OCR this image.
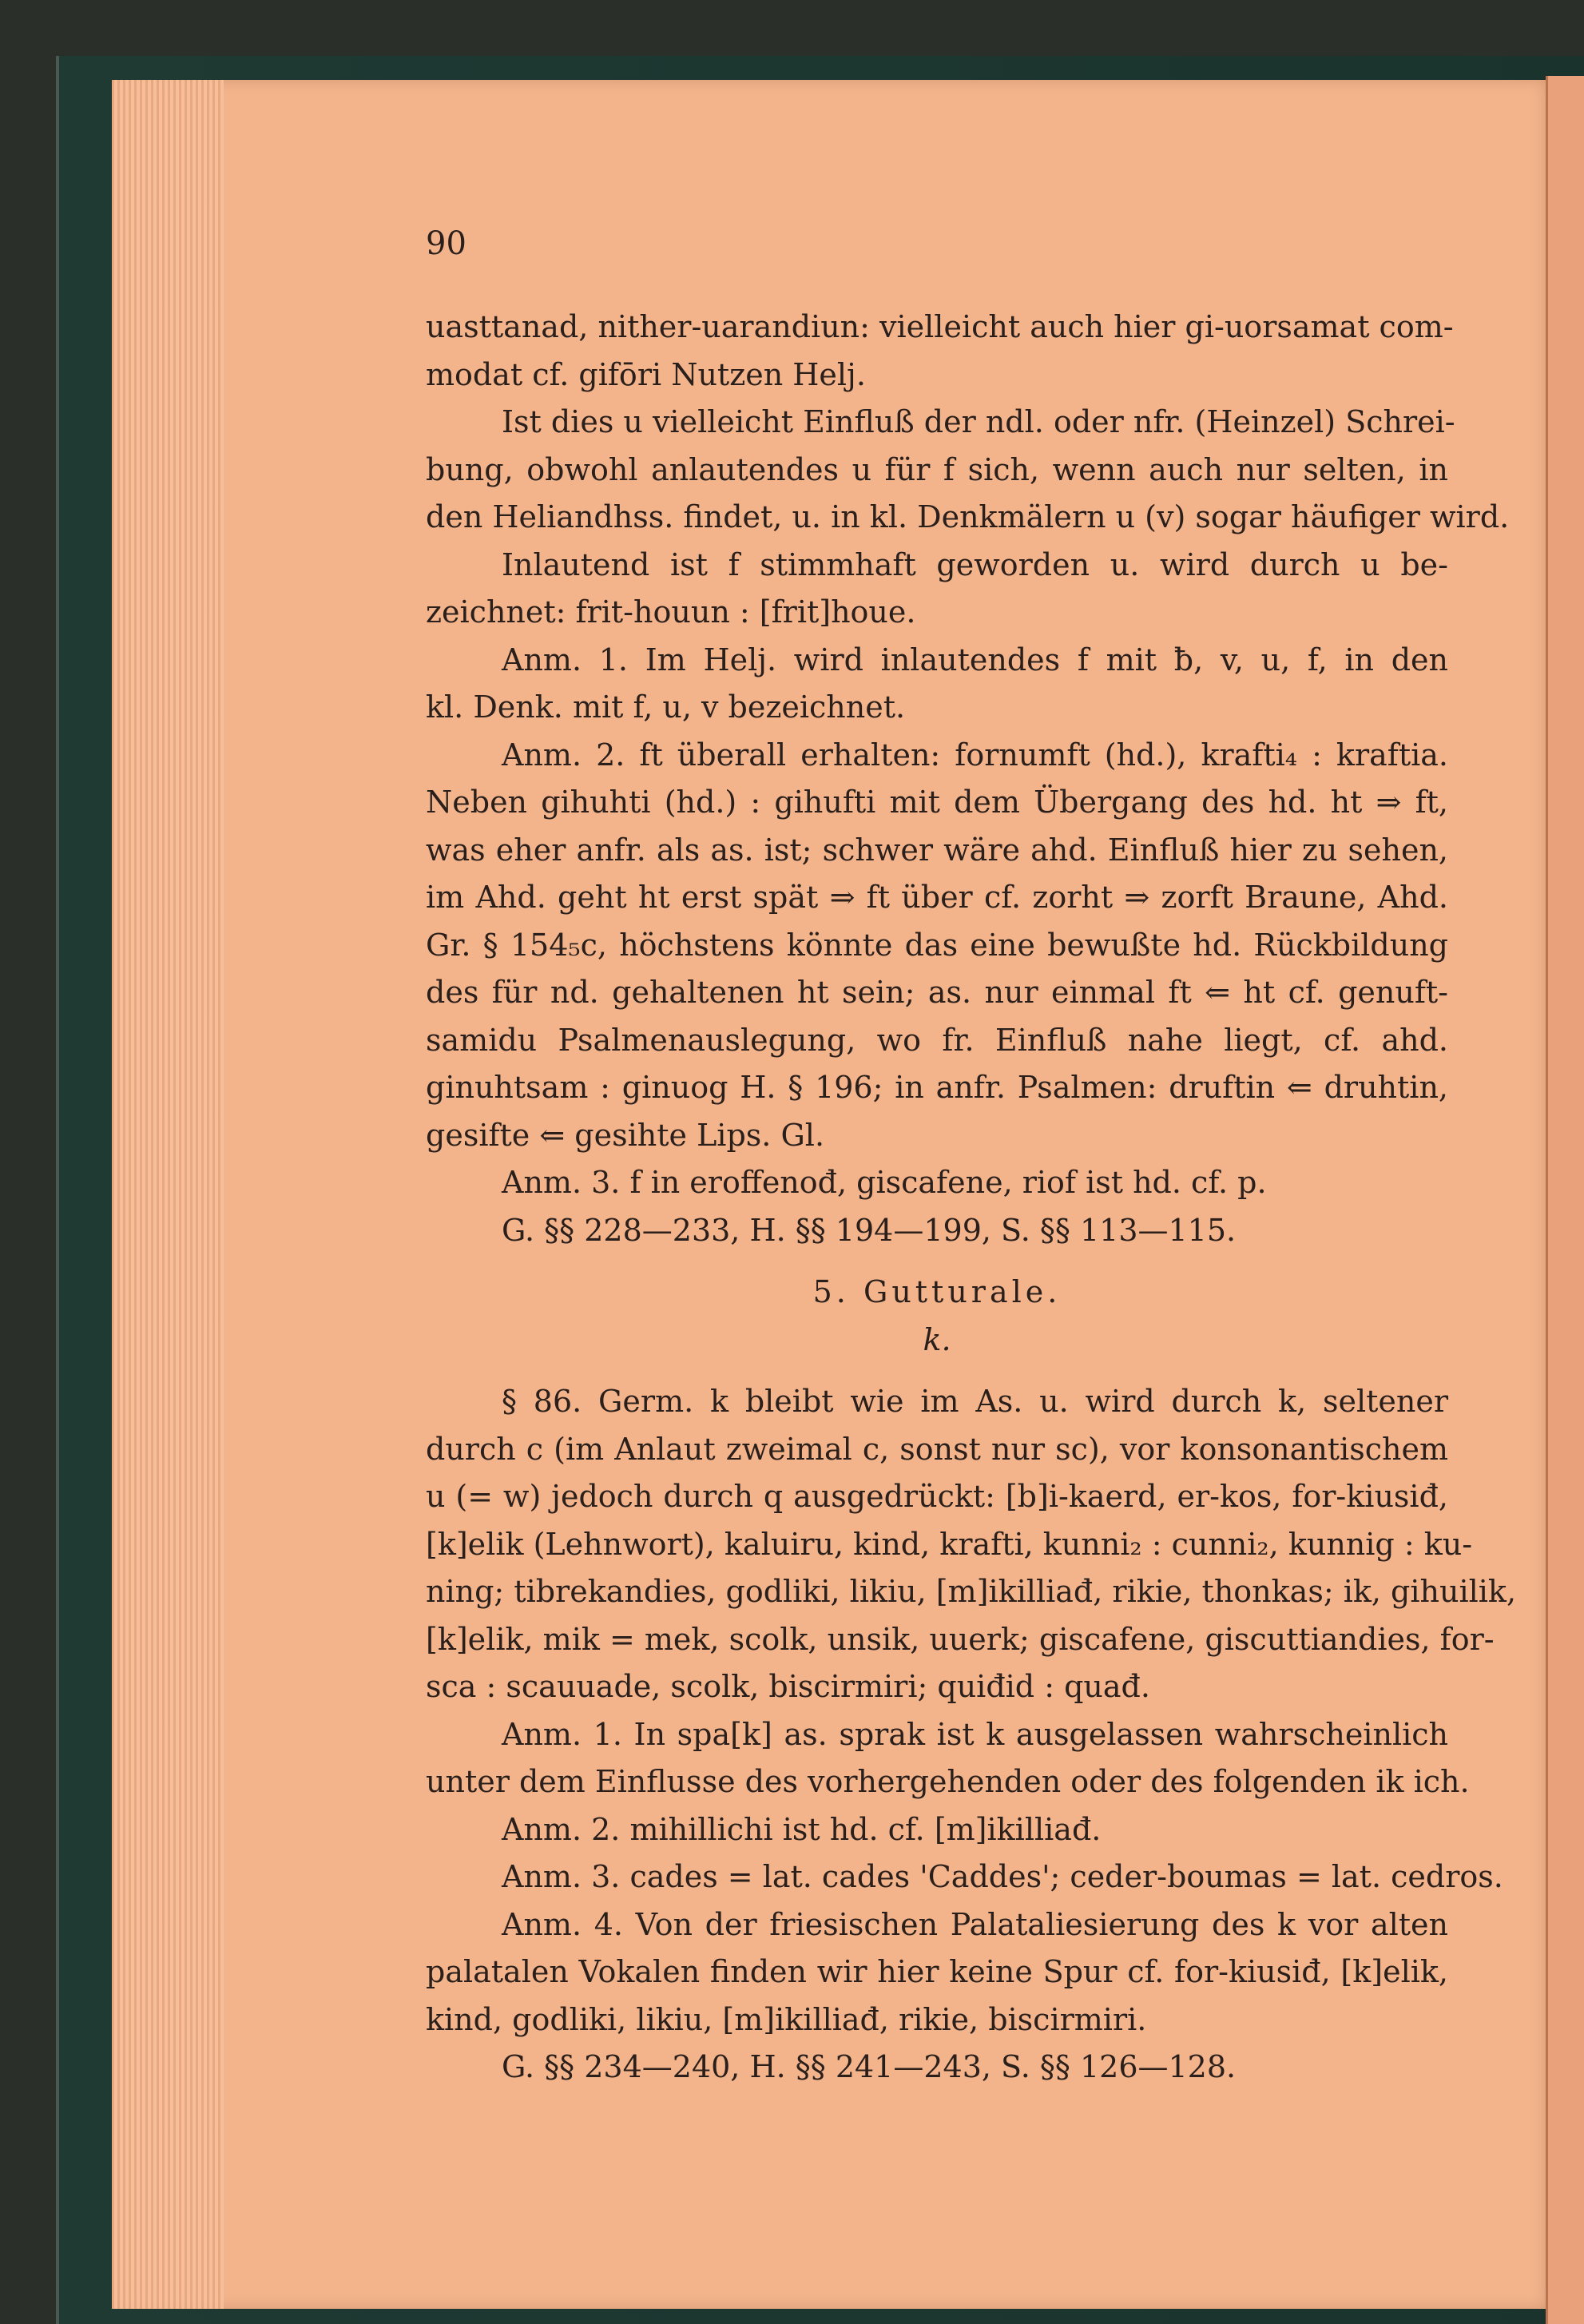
90
uasttanad, nither-uarandiun: vielleicht auch hier gi-uorsamat com-
modat cf. gifōri Nutzen Helj.
Ist dies u vielleicht Einfluß der ndl. oder nfr. (Heinzel) Schrei-
bung, obwohl anlautendes u für f sich, wenn auch nur selten, in
den Heliandhss. findet, u. in kl. Denkmälern u (v) sogar häufiger wird.
Inlautend ist f stimmhaft geworden u. wird durch u be-
zeichnet: frit-houun : [frit]houe.
Anm. 1. Im Helj. wird inlautendes f mit ƀ, v, u, f, in den
kl. Denk. mit f, u, v bezeichnet.
Anm. 2. ft überall erhalten: fornumft (hd.), krafti₄ : kraftia.
Neben gihuhti (hd.) : gihufti mit dem Übergang des hd. ht ⇒ ft,
was eher anfr. als as. ist; schwer wäre ahd. Einfluß hier zu sehen,
im Ahd. geht ht erst spät ⇒ ft über cf. zorht ⇒ zorft Braune, Ahd.
Gr. § 154₅c, höchstens könnte das eine bewußte hd. Rückbildung
des für nd. gehaltenen ht sein; as. nur einmal ft ⇐ ht cf. genuft-
samidu Psalmenauslegung, wo fr. Einfluß nahe liegt, cf. ahd.
ginuhtsam : ginuog H. § 196; in anfr. Psalmen: druftin ⇐ druhtin,
gesifte ⇐ gesihte Lips. Gl.
Anm. 3. f in eroffenođ, giscafene, riof ist hd. cf. p.
G. §§ 228—233, H. §§ 194—199, S. §§ 113—115.
5. Gutturale.
k.
§ 86. Germ. k bleibt wie im As. u. wird durch k, seltener
durch c (im Anlaut zweimal c, sonst nur sc), vor konsonantischem
u (= w) jedoch durch q ausgedrückt: [b]i-kaerd, er-kos, for-kiusiđ,
[k]elik (Lehnwort), kaluiru, kind, krafti, kunni₂ : cunni₂, kunnig : ku-
ning; tibrekandies, godliki, likiu, [m]ikilliađ, rikie, thonkas; ik, gihuilik,
[k]elik, mik = mek, scolk, unsik, uuerk; giscafene, giscuttiandies, for-
sca : scauuade, scolk, biscirmiri; quiđid : quađ.
Anm. 1. In spa[k] as. sprak ist k ausgelassen wahrscheinlich
unter dem Einflusse des vorhergehenden oder des folgenden ik ich.
Anm. 2. mihillichi ist hd. cf. [m]ikilliađ.
Anm. 3. cades = lat. cades 'Caddes'; ceder-boumas = lat. cedros.
Anm. 4. Von der friesischen Palataliesierung des k vor alten
palatalen Vokalen finden wir hier keine Spur cf. for-kiusiđ, [k]elik,
kind, godliki, likiu, [m]ikilliađ, rikie, biscirmiri.
G. §§ 234—240, H. §§ 241—243, S. §§ 126—128.
